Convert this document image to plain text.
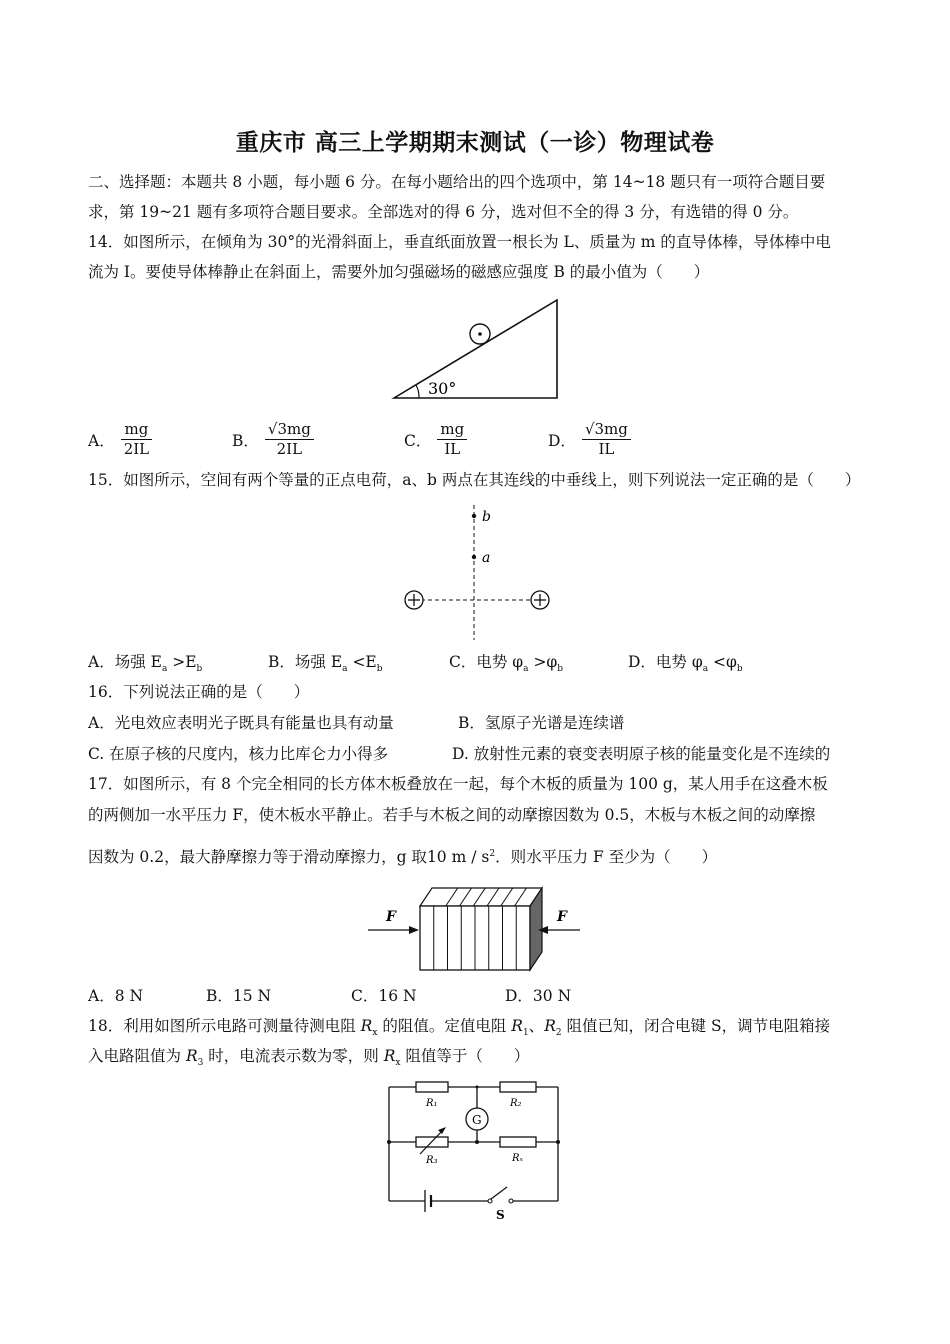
重庆市 高三上学期期末测试（一诊）物理试卷
二、选择题：本题共 8 小题，每小题 6 分。在每小题给出的四个选项中，第 14~18 题只有一项符合题目要
求，第 19~21 题有多项符合题目要求。全部选对的得 6 分，选对但不全的得 3 分，有选错的得 0 分。
14．如图所示，在倾角为 30°的光滑斜面上，垂直纸面放置一根长为 L、质量为 m 的直导体棒，导体棒中电
流为 I。要使导体棒静止在斜面上，需要外加匀强磁场的磁感应强度 B 的最小值为（　　）
30°
A． $\frac{mg}{2IL}$	B． $\frac{√3mg}{2IL}$	C． $\frac{mg}{IL}$	D． $\frac{√3mg}{IL}$
15．如图所示，空间有两个等量的正点电荷，a、b 两点在其连线的中垂线上，则下列说法一定正确的是（　　）
b
a
A．场强 $E_a >E_b$	B．场强 $E_a <E_b$	C．电势 $\varphi_a >\varphi_b$	D．电势 $\varphi_a <\varphi_b$
16．下列说法正确的是（　　）
A．光电效应表明光子既具有能量也具有动量	B．氢原子光谱是连续谱
C. 在原子核的尺度内，核力比库仑力小得多	D. 放射性元素的衰变表明原子核的能量变化是不连续的
17．如图所示，有 8 个完全相同的长方体木板叠放在一起，每个木板的质量为 100 g，某人用手在这叠木板
的两侧加一水平压力 F，使木板水平静止。若手与木板之间的动摩擦因数为 0.5，木板与木板之间的动摩擦
因数为 0.2，最大静摩擦力等于滑动摩擦力，g 取10 m / $s^2$．则水平压力 F 至少为（　　）
F	F
A．8 N	B．15 N	C．16 N	D．30 N
18．利用如图所示电路可测量待测电阻 $R_x$ 的阻值。定值电阻 $R_1$、$R_2$ 阻值已知，闭合电键 S，调节电阻箱接
入电路阻值为 $R_3$ 时，电流表示数为零，则 $R_x$ 阻值等于（　　）
R₁	R₂
G
R₃	Rₓ
S
